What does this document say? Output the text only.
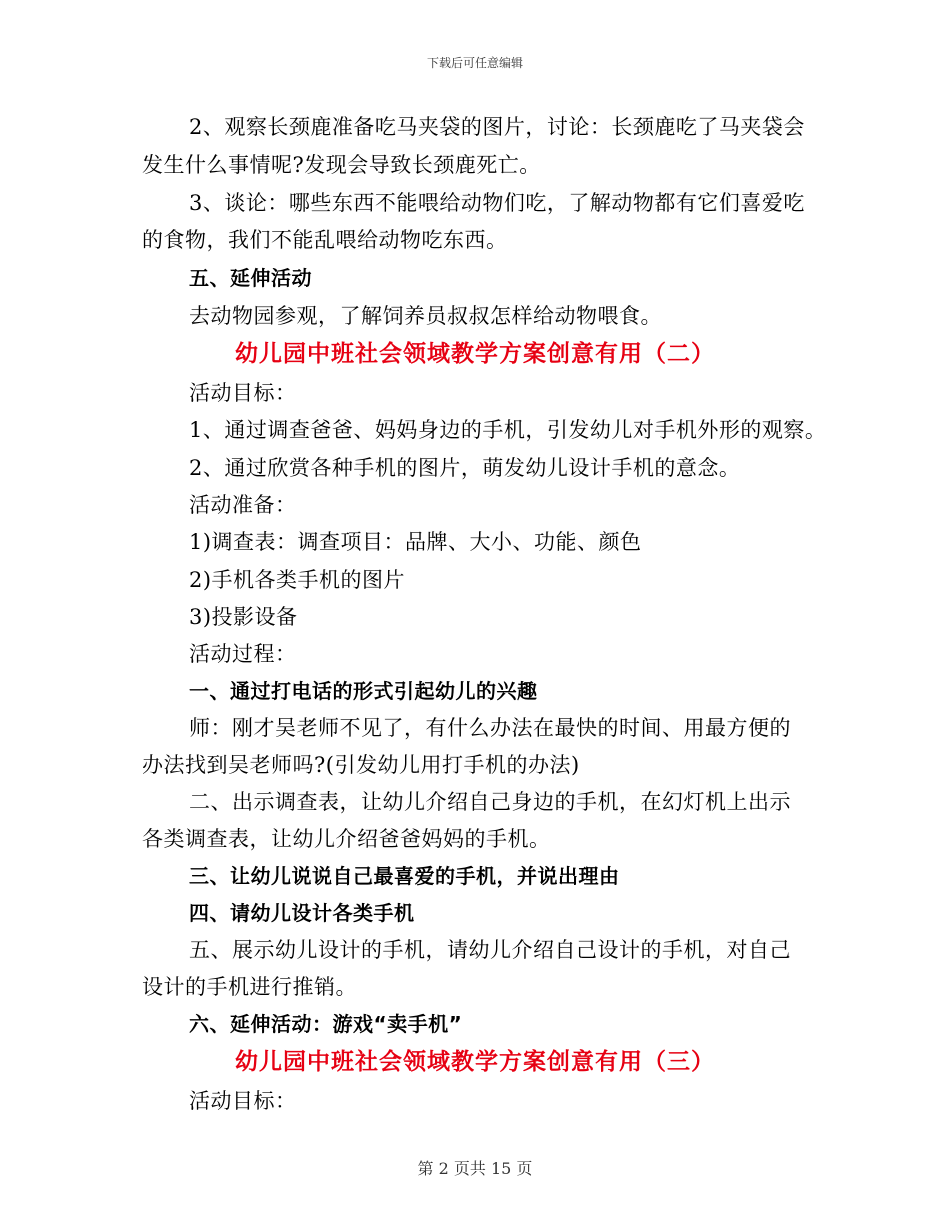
下载后可任意编辑
2、观察长颈鹿准备吃马夹袋的图片，讨论：长颈鹿吃了马夹袋会
发生什么事情呢?发现会导致长颈鹿死亡。
3、谈论：哪些东西不能喂给动物们吃，了解动物都有它们喜爱吃
的食物，我们不能乱喂给动物吃东西。
五、延伸活动
去动物园参观，了解饲养员叔叔怎样给动物喂食。
幼儿园中班社会领域教学方案创意有用（二）
活动目标：
1、通过调查爸爸、妈妈身边的手机，引发幼儿对手机外形的观察。
2、通过欣赏各种手机的图片，萌发幼儿设计手机的意念。
活动准备：
1)调查表：调查项目：品牌、大小、功能、颜色
2)手机各类手机的图片
3)投影设备
活动过程：
一、通过打电话的形式引起幼儿的兴趣
师：刚才吴老师不见了，有什么办法在最快的时间、用最方便的
办法找到吴老师吗?(引发幼儿用打手机的办法)
二、出示调查表，让幼儿介绍自己身边的手机，在幻灯机上出示
各类调查表，让幼儿介绍爸爸妈妈的手机。
三、让幼儿说说自己最喜爱的手机，并说出理由
四、请幼儿设计各类手机
五、展示幼儿设计的手机，请幼儿介绍自己设计的手机，对自己
设计的手机进行推销。
六、延伸活动：游戏“卖手机”
幼儿园中班社会领域教学方案创意有用（三）
活动目标：
第 2 页共 15 页
